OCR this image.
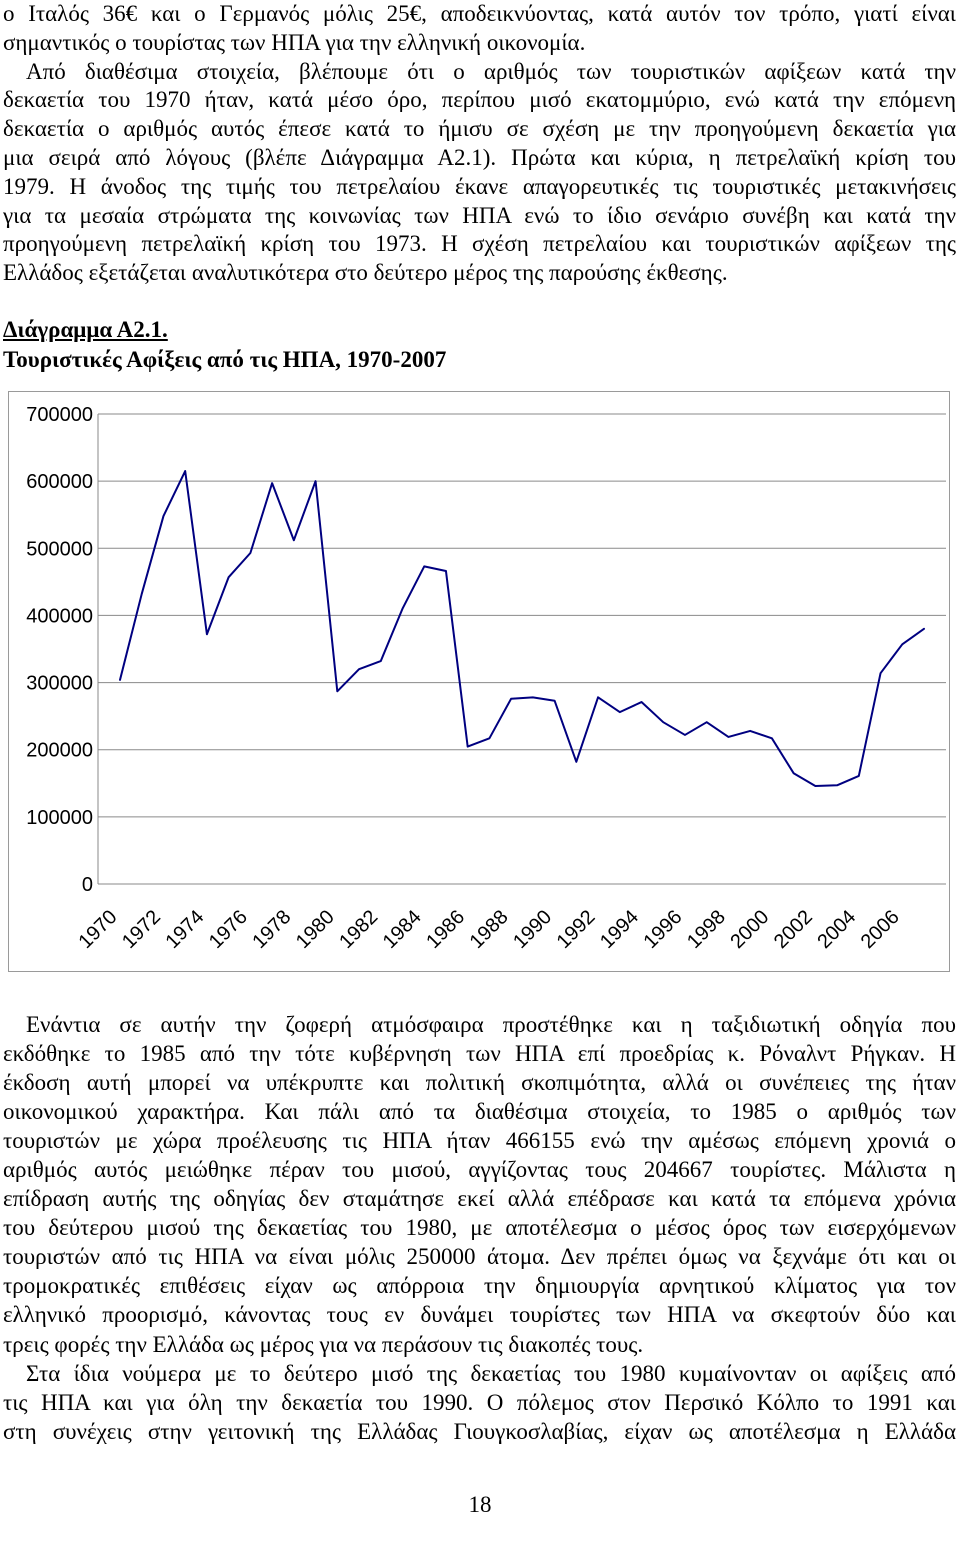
ο Ιταλός 36€ και ο Γερμανός μόλις 25€, αποδεικνύοντας, κατά αυτόν τον τρόπο, γιατί είναι
σημαντικός ο τουρίστας των ΗΠΑ για την ελληνική οικονομία.
Από διαθέσιμα στοιχεία, βλέπουμε ότι ο αριθμός των τουριστικών αφίξεων κατά την
δεκαετία του 1970 ήταν, κατά μέσο όρο, περίπου μισό εκατομμύριο, ενώ κατά την επόμενη
δεκαετία ο αριθμός αυτός έπεσε κατά το ήμισυ σε σχέση με την προηγούμενη δεκαετία για
μια σειρά από λόγους (βλέπε Διάγραμμα Α2.1). Πρώτα και κύρια, η πετρελαϊκή κρίση του
1979. Η άνοδος της τιμής του πετρελαίου έκανε απαγορευτικές τις τουριστικές μετακινήσεις
για τα μεσαία στρώματα της κοινωνίας των ΗΠΑ ενώ το ίδιο σενάριο συνέβη και κατά την
προηγούμενη πετρελαϊκή κρίση του 1973. Η σχέση πετρελαίου και τουριστικών αφίξεων της
Ελλάδος εξετάζεται αναλυτικότερα στο δεύτερο μέρος της παρούσης έκθεσης.
Διάγραμμα Α2.1.
Τουριστικές Αφίξεις από τις ΗΠΑ, 1970-2007
0
100000
200000
300000
400000
500000
600000
700000
1970
1972
1974
1976
1978
1980
1982
1984
1986
1988
1990
1992
1994
1996
1998
2000
2002
2004
2006
Ενάντια σε αυτήν την ζοφερή ατμόσφαιρα προστέθηκε και η ταξιδιωτική οδηγία που
εκδόθηκε το 1985 από την τότε κυβέρνηση των ΗΠΑ επί προεδρίας κ. Ρόναλντ Ρήγκαν. Η
έκδοση αυτή μπορεί να υπέκρυπτε και πολιτική σκοπιμότητα, αλλά οι συνέπειες της ήταν
οικονομικού χαρακτήρα. Και πάλι από τα διαθέσιμα στοιχεία, το 1985 ο αριθμός των
τουριστών με χώρα προέλευσης τις ΗΠΑ ήταν 466155 ενώ την αμέσως επόμενη χρονιά ο
αριθμός αυτός μειώθηκε πέραν του μισού, αγγίζοντας τους 204667 τουρίστες. Μάλιστα η
επίδραση αυτής της οδηγίας δεν σταμάτησε εκεί αλλά επέδρασε και κατά τα επόμενα χρόνια
του δεύτερου μισού της δεκαετίας του 1980, με αποτέλεσμα ο μέσος όρος των εισερχόμενων
τουριστών από τις ΗΠΑ να είναι μόλις 250000 άτομα. Δεν πρέπει όμως να ξεχνάμε ότι και οι
τρομοκρατικές επιθέσεις είχαν ως απόρροια την δημιουργία αρνητικού κλίματος για τον
ελληνικό προορισμό, κάνοντας τους εν δυνάμει τουρίστες των ΗΠΑ να σκεφτούν δύο και
τρεις φορές την Ελλάδα ως μέρος για να περάσουν τις διακοπές τους.
Στα ίδια νούμερα με το δεύτερο μισό της δεκαετίας του 1980 κυμαίνονταν οι αφίξεις από
τις ΗΠΑ και για όλη την δεκαετία του 1990. Ο πόλεμος στον Περσικό Κόλπο το 1991 και
στη συνέχεις στην γειτονική της Ελλάδας Γιουγκοσλαβίας, είχαν ως αποτέλεσμα η Ελλάδα
18
